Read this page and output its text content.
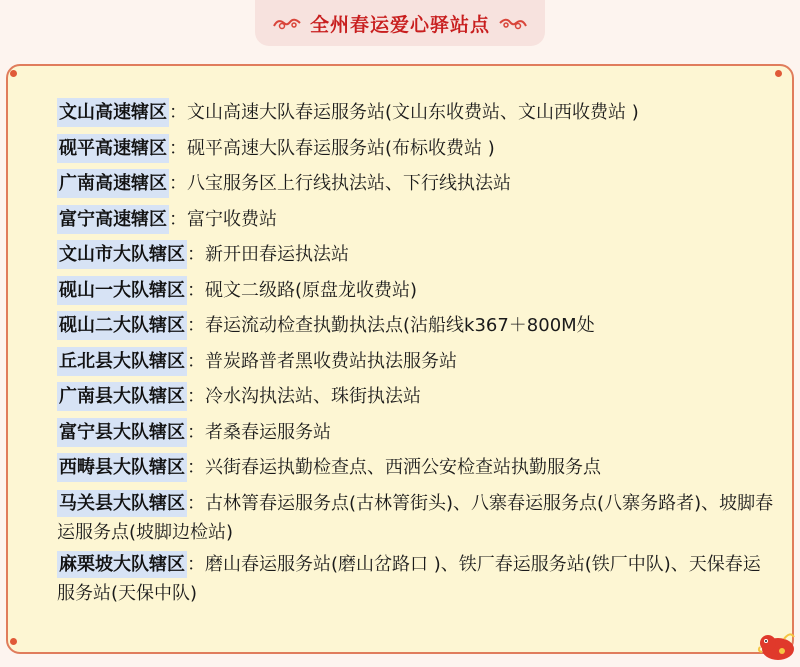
全州春运爱心驿站点
文山高速辖区 ：文山高速大队春运服务站(文山东收费站、文山西收费站 )
砚平高速辖区 ：砚平高速大队春运服务站(布标收费站 )
广南高速辖区 ：八宝服务区上行线执法站、下行线执法站
富宁高速辖区 ：富宁收费站
文山市大队辖区 ：新开田春运执法站
砚山一大队辖区 ：砚文二级路(原盘龙收费站)
砚山二大队辖区 ：春运流动检查执勤执法点(沾船线k367＋800M处
丘北县大队辖区 ：普炭路普者黑收费站执法服务站
广南县大队辖区 ：冷水沟执法站、珠街执法站
富宁县大队辖区 ：者桑春运服务站
西畴县大队辖区 ：兴街春运执勤检查点、西洒公安检查站执勤服务点
马关县大队辖区 ：古林箐春运服务点(古林箐街头)、八寨春运服务点(八寨务路者)、坡脚春运服务点(坡脚边检站)
麻栗坡大队辖区 ：磨山春运服务站(磨山岔路口 )、铁厂春运服务站(铁厂中队)、天保春运服务站(天保中队)
